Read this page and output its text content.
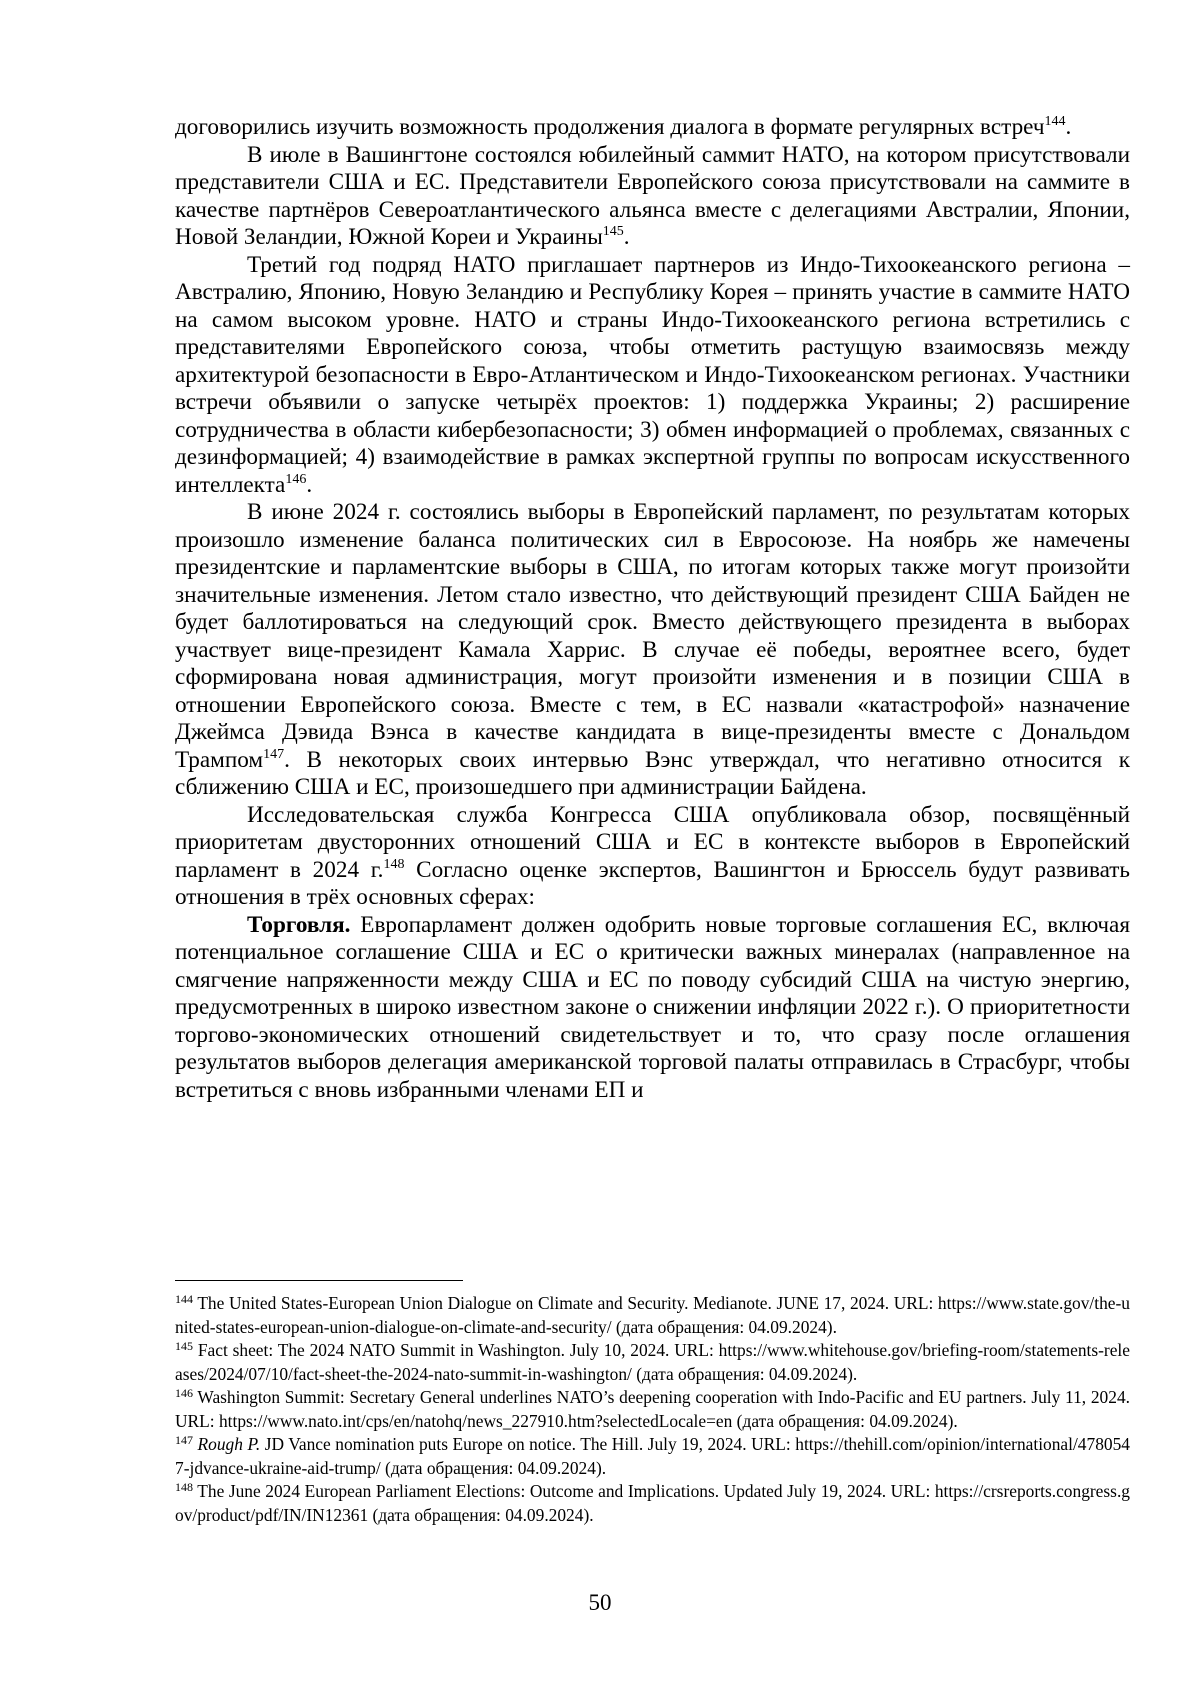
договорились изучить возможность продолжения диалога в формате регулярных встреч$^{144}$.

В июле в Вашингтоне состоялся юбилейный саммит НАТО, на котором присутствовали представители США и ЕС. Представители Европейского союза присутствовали на саммите в качестве партнёров Североатлантического альянса вместе с делегациями Австралии, Японии, Новой Зеландии, Южной Кореи и Украины$^{145}$.

Третий год подряд НАТО приглашает партнеров из Индо-Тихоокеанского региона – Австралию, Японию, Новую Зеландию и Республику Корея – принять участие в саммите НАТО на самом высоком уровне. НАТО и страны Индо-Тихоокеанского региона встретились с представителями Европейского союза, чтобы отметить растущую взаимосвязь между архитектурой безопасности в Евро-Атлантическом и Индо-Тихоокеанском регионах. Участники встречи объявили о запуске четырёх проектов: 1) поддержка Украины; 2) расширение сотрудничества в области кибербезопасности; 3) обмен информацией о проблемах, связанных с дезинформацией; 4) взаимодействие в рамках экспертной группы по вопросам искусственного интеллекта$^{146}$.

В июне 2024 г. состоялись выборы в Европейский парламент, по результатам которых произошло изменение баланса политических сил в Евросоюзе. На ноябрь же намечены президентские и парламентские выборы в США, по итогам которых также могут произойти значительные изменения. Летом стало известно, что действующий президент США Байден не будет баллотироваться на следующий срок. Вместо действующего президента в выборах участвует вице-президент Камала Харрис. В случае её победы, вероятнее всего, будет сформирована новая администрация, могут произойти изменения и в позиции США в отношении Европейского союза. Вместе с тем, в ЕС назвали «катастрофой» назначение Джеймса Дэвида Вэнса в качестве кандидата в вице-президенты вместе с Дональдом Трампом$^{147}$. В некоторых своих интервью Вэнс утверждал, что негативно относится к сближению США и ЕС, произошедшего при администрации Байдена.

Исследовательская служба Конгресса США опубликовала обзор, посвящённый приоритетам двусторонних отношений США и ЕС в контексте выборов в Европейский парламент в 2024 г.$^{148}$ Согласно оценке экспертов, Вашингтон и Брюссель будут развивать отношения в трёх основных сферах:

Торговля. Европарламент должен одобрить новые торговые соглашения ЕС, включая потенциальное соглашение США и ЕС о критически важных минералах (направленное на смягчение напряженности между США и ЕС по поводу субсидий США на чистую энергию, предусмотренных в широко известном законе о снижении инфляции 2022 г.). О приоритетности торгово-экономических отношений свидетельствует и то, что сразу после оглашения результатов выборов делегация американской торговой палаты отправилась в Страсбург, чтобы встретиться с вновь избранными членами ЕП и

$^{144}$ The United States-European Union Dialogue on Climate and Security. Medianote. JUNE 17, 2024. URL: https://www.state.gov/the-united-states-european-union-dialogue-on-climate-and-security/ (дата обращения: 04.09.2024).

$^{145}$ Fact sheet: The 2024 NATO Summit in Washington. July 10, 2024. URL: https://www.whitehouse.gov/briefing-room/statements-releases/2024/07/10/fact-sheet-the-2024-nato-summit-in-washington/ (дата обращения: 04.09.2024).

$^{146}$ Washington Summit: Secretary General underlines NATO’s deepening cooperation with Indo-Pacific and EU partners. July 11, 2024. URL: https://www.nato.int/cps/en/natohq/news_227910.htm?selectedLocale=en (дата обращения: 04.09.2024).

$^{147}$ Rough P. JD Vance nomination puts Europe on notice. The Hill. July 19, 2024. URL: https://thehill.com/opinion/international/4780547-jdvance-ukraine-aid-trump/ (дата обращения: 04.09.2024).

$^{148}$ The June 2024 European Parliament Elections: Outcome and Implications. Updated July 19, 2024. URL: https://crsreports.congress.gov/product/pdf/IN/IN12361 (дата обращения: 04.09.2024).

50
